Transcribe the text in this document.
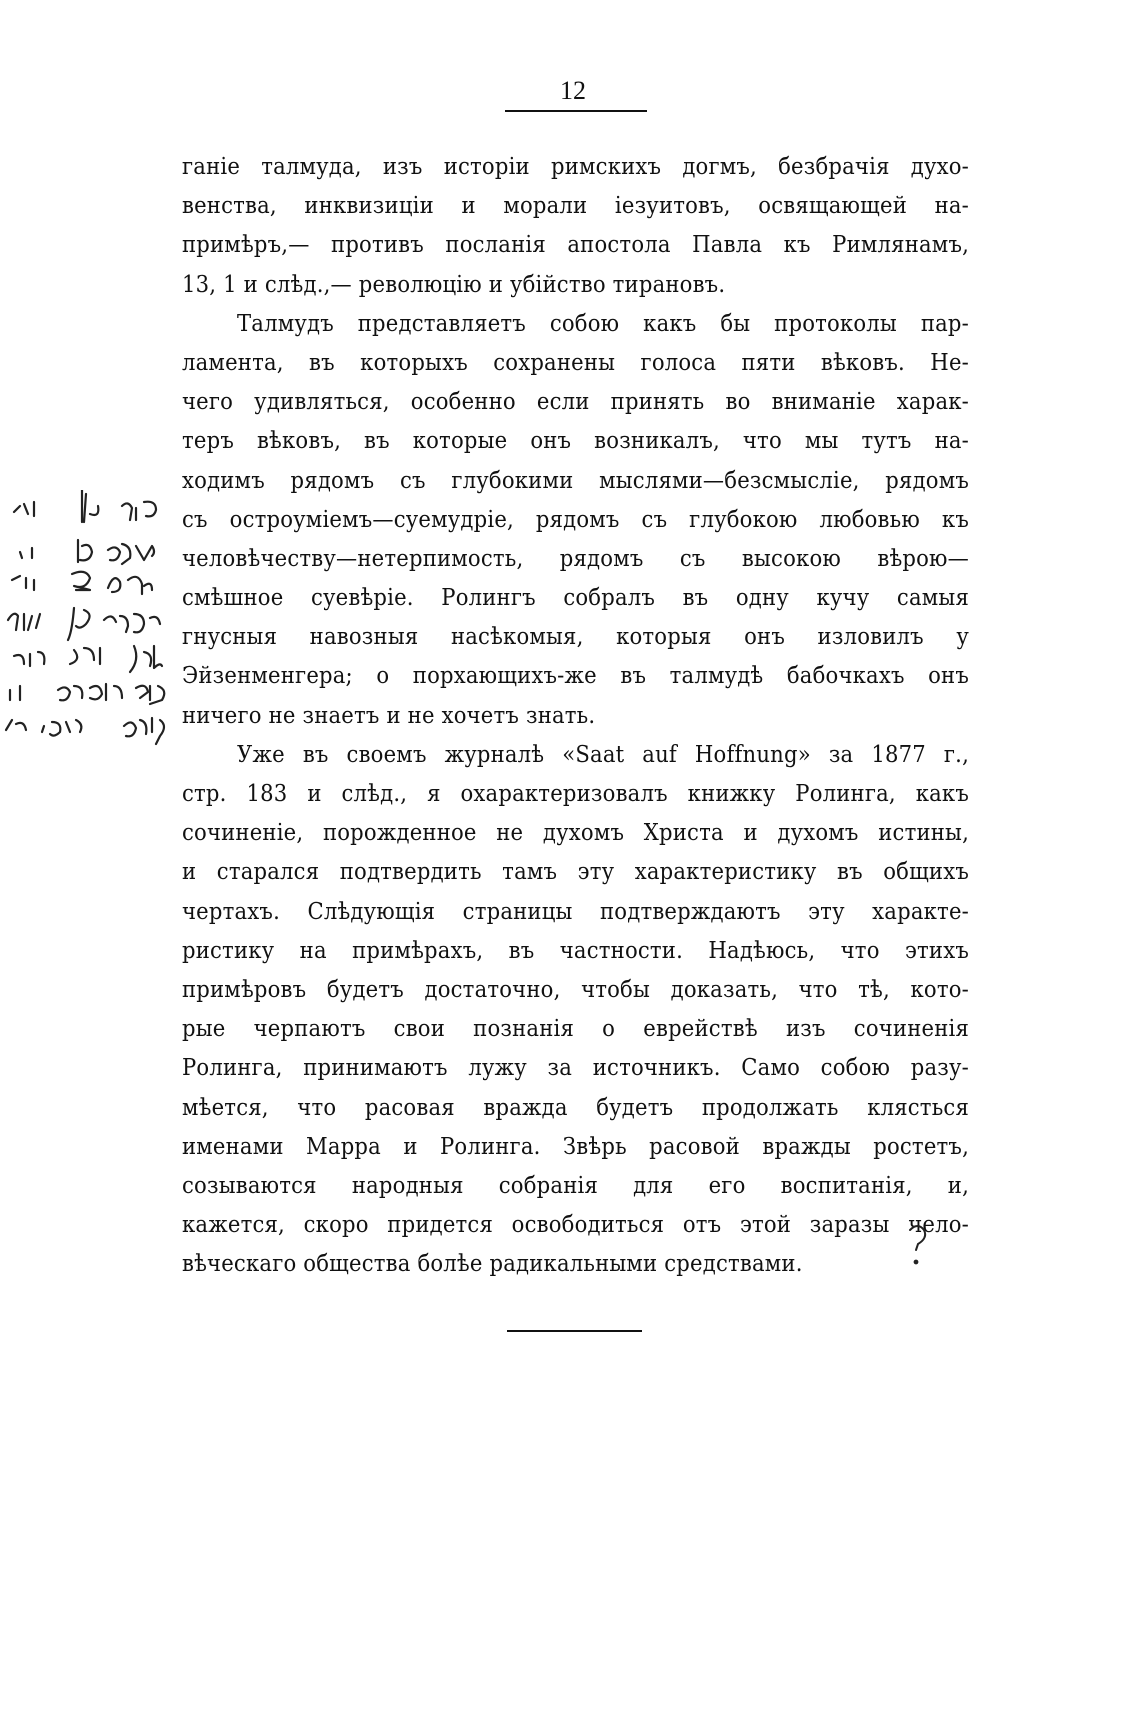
12
ганіе талмуда, изъ исторіи римскихъ догмъ, безбрачія духо-
венства, инквизиціи и морали іезуитовъ, освящающей на-
примѣръ,— противъ посланія апостола Павла къ Римлянамъ,
13, 1 и слѣд.,— революцію и убійство тирановъ.
Талмудъ представляетъ собою какъ бы протоколы пар-
ламента, въ которыхъ сохранены голоса пяти вѣковъ. Не-
чего удивляться, особенно если принять во вниманіе харак-
теръ вѣковъ, въ которые онъ возникалъ, что мы тутъ на-
ходимъ рядомъ съ глубокими мыслями—безсмысліе, рядомъ
съ остроуміемъ—суемудріе, рядомъ съ глубокою любовью къ
человѣчеству—нетерпимость, рядомъ съ высокою вѣрою—
смѣшное суевѣріе. Ролингъ собралъ въ одну кучу самыя
гнусныя навозныя насѣкомыя, которыя онъ изловилъ у
Эйзенменгера; о порхающихъ-же въ талмудѣ бабочкахъ онъ
ничего не знаетъ и не хочетъ знать.
Уже въ своемъ журналѣ «Saat auf Hoffnung» за 1877 г.,
стр. 183 и слѣд., я охарактеризовалъ книжку Ролинга, какъ
сочиненіе, порожденное не духомъ Христа и духомъ истины,
и старался подтвердить тамъ эту характеристику въ общихъ
чертахъ. Слѣдующія страницы подтверждаютъ эту характе-
ристику на примѣрахъ, въ частности. Надѣюсь, что этихъ
примѣровъ будетъ достаточно, чтобы доказать, что тѣ, кото-
рые черпаютъ свои познанія о еврействѣ изъ сочиненія
Ролинга, принимаютъ лужу за источникъ. Само собою разу-
мѣется, что расовая вражда будетъ продолжать клясться
именами Марра и Ролинга. Звѣрь расовой вражды ростетъ,
созываются народныя собранія для его воспитанія, и,
кажется, скоро придется освободиться отъ этой заразы чело-
вѣческаго общества болѣе радикальными средствами.
